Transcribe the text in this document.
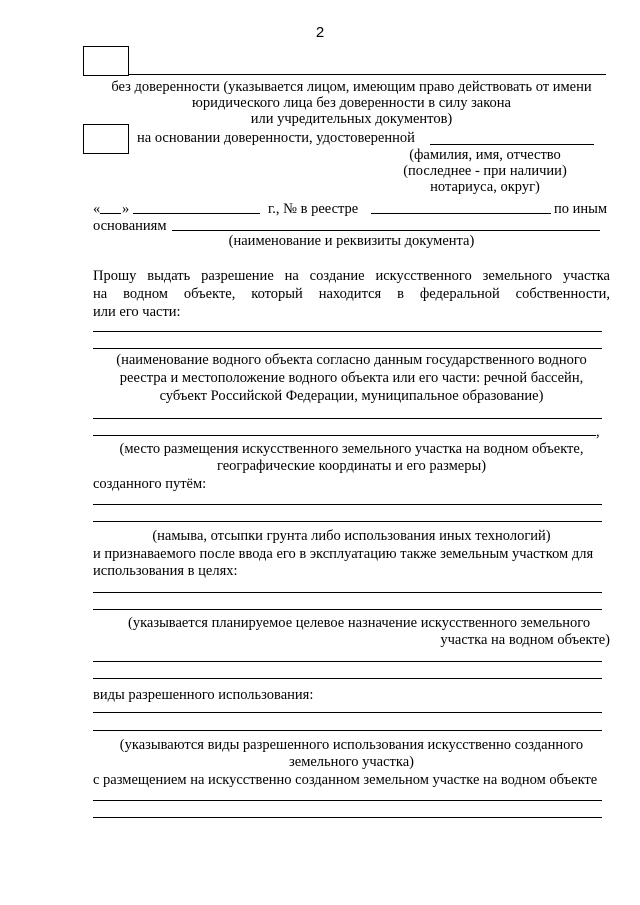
2
без доверенности (указывается лицом, имеющим право действовать от имени
юридического лица без доверенности в силу закона
или учредительных документов)
на основании доверенности, удостоверенной
(фамилия, имя, отчество
(последнее - при наличии)
нотариуса, округ)
« »	г., № в реестре	по иным
основаниям
(наименование и реквизиты документа)
Прошу выдать разрешение на создание искусственного земельного участка
на водном объекте, который находится в федеральной собственности,
или его части:
(наименование водного объекта согласно данным государственного водного
реестра и местоположение водного объекта или его части: речной бассейн,
субъект Российской Федерации, муниципальное образование)
,
(место размещения искусственного земельного участка на водном объекте,
географические координаты и его размеры)
созданного путём:
(намыва, отсыпки грунта либо использования иных технологий)
и признаваемого после ввода его в эксплуатацию также земельным участком для
использования в целях:
(указывается планируемое целевое назначение искусственного земельного
участка на водном объекте)
виды разрешенного использования:
(указываются виды разрешенного использования искусственно созданного
земельного участка)
с размещением на искусственно созданном земельном участке на водном объекте
